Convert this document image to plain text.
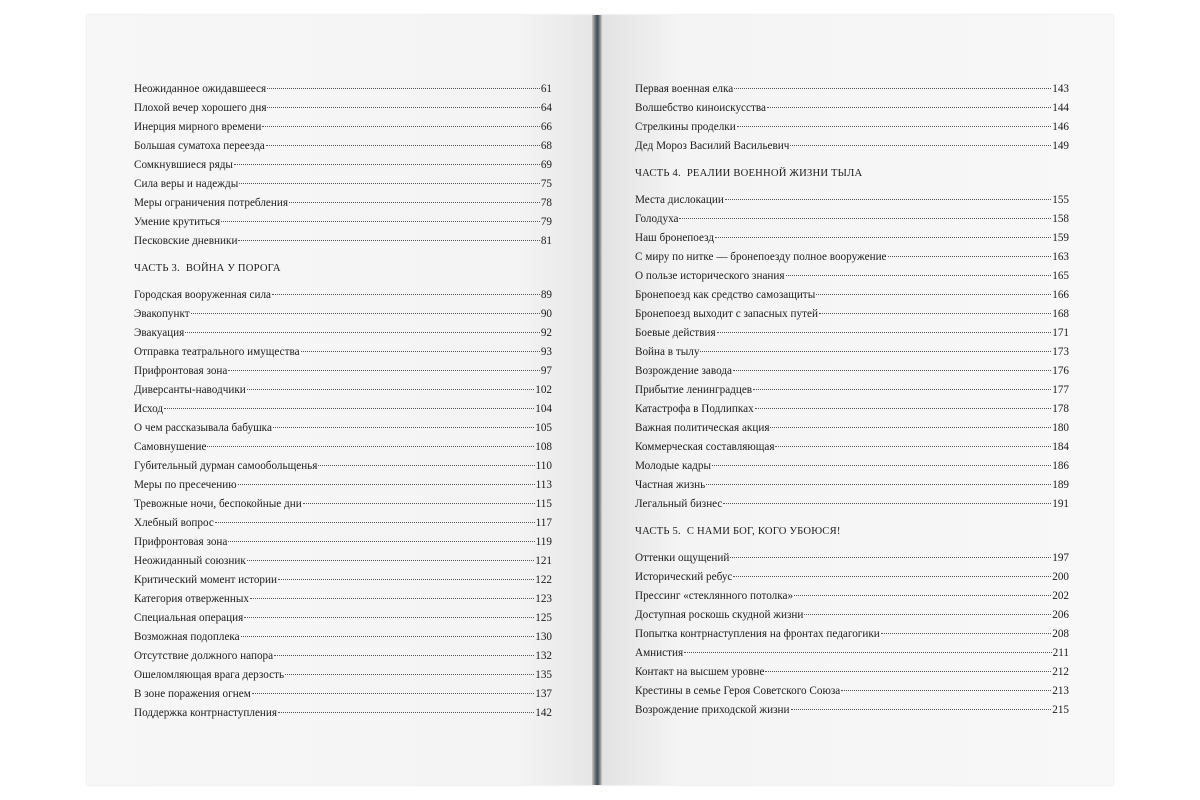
Неожиданное ожидавшееся	61
Плохой вечер хорошего дня	64
Инерция мирного времени	66
Большая суматоха переезда	68
Сомкнувшиеся ряды	69
Сила веры и надежды	75
Меры ограничения потребления	78
Умение крутиться	79
Песковские дневники	81
ЧАСТЬ 3. ВОЙНА У ПОРОГА
Городская вооруженная сила	89
Эвакопункт	90
Эвакуация	92
Отправка театрального имущества	93
Прифронтовая зона	97
Диверсанты-наводчики	102
Исход	104
О чем рассказывала бабушка	105
Самовнушение	108
Губительный дурман самообольщенья	110
Меры по пресечению	113
Тревожные ночи, беспокойные дни	115
Хлебный вопрос	117
Прифронтовая зона	119
Неожиданный союзник	121
Критический момент истории	122
Категория отверженных	123
Специальная операция	125
Возможная подоплека	130
Отсутствие должного напора	132
Ошеломляющая врага дерзость	135
В зоне поражения огнем	137
Поддержка контрнаступления	142
Первая военная елка	143
Волшебство киноискусства	144
Стрелкины проделки	146
Дед Мороз Василий Васильевич	149
ЧАСТЬ 4. РЕАЛИИ ВОЕННОЙ ЖИЗНИ ТЫЛА
Места дислокации	155
Голодуха	158
Наш бронепоезд	159
С миру по нитке — бронепоезду полное вооружение	163
О пользе исторического знания	165
Бронепоезд как средство самозащиты	166
Бронепоезд выходит с запасных путей	168
Боевые действия	171
Война в тылу	173
Возрождение завода	176
Прибытие ленинградцев	177
Катастрофа в Подлипках	178
Важная политическая акция	180
Коммерческая составляющая	184
Молодые кадры	186
Частная жизнь	189
Легальный бизнес	191
ЧАСТЬ 5. С НАМИ БОГ, КОГО УБОЮСЯ!
Оттенки ощущений	197
Исторический ребус	200
Прессинг «стеклянного потолка»	202
Доступная роскошь скудной жизни	206
Попытка контрнаступления на фронтах педагогики	208
Амнистия	211
Контакт на высшем уровне	212
Крестины в семье Героя Советского Союза	213
Возрождение приходской жизни	215
